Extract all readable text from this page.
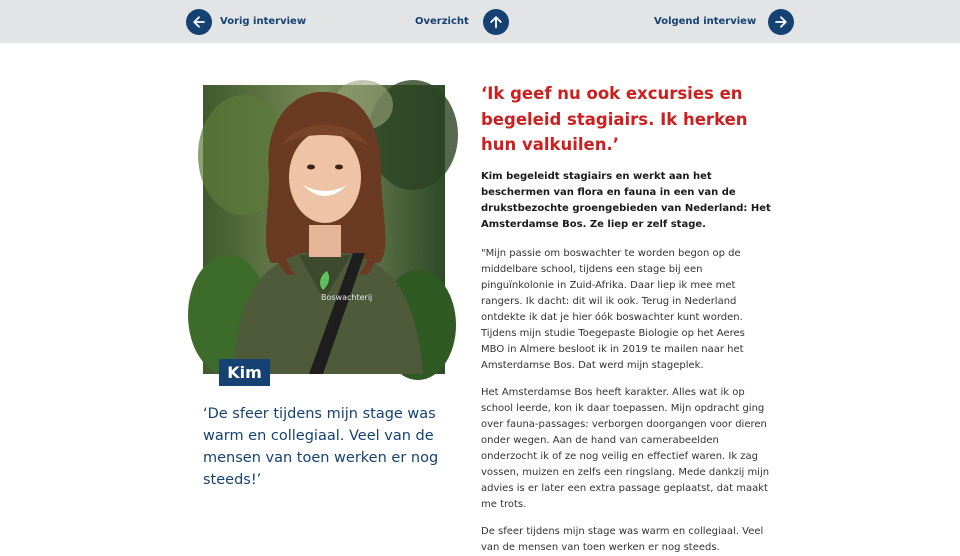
Vorig interview	Overzicht	Volgend interview
Boswachterij
Kim
‘De sfeer tijdens mijn stage was warm en collegiaal. Veel van de mensen van toen werken er nog steeds!’
‘Ik geef nu ook excursies en begeleid stagiairs. Ik herken hun valkuilen.’
Kim begeleidt stagiairs en werkt aan het beschermen van flora en fauna in een van de drukstbezochte groengebieden van Nederland: Het Amsterdamse Bos. Ze liep er zelf stage.

"Mijn passie om boswachter te worden begon op de middelbare school, tijdens een stage bij een pinguïnkolonie in Zuid-Afrika. Daar liep ik mee met rangers. Ik dacht: dit wil ik ook. Terug in Nederland ontdekte ik dat je hier óók boswachter kunt worden. Tijdens mijn studie Toegepaste Biologie op het Aeres MBO in Almere besloot ik in 2019 te mailen naar het Amsterdamse Bos. Dat werd mijn stageplek.

Het Amsterdamse Bos heeft karakter. Alles wat ik op school leerde, kon ik daar toepassen. Mijn opdracht ging over fauna-passages: verborgen doorgangen voor dieren onder wegen. Aan de hand van camerabeelden onderzocht ik of ze nog veilig en effectief waren. Ik zag vossen, muizen en zelfs een ringslang. Mede dankzij mijn advies is er later een extra passage geplaatst, dat maakt me trots.

De sfeer tijdens mijn stage was warm en collegiaal. Veel van de mensen van toen werken er nog steeds.
